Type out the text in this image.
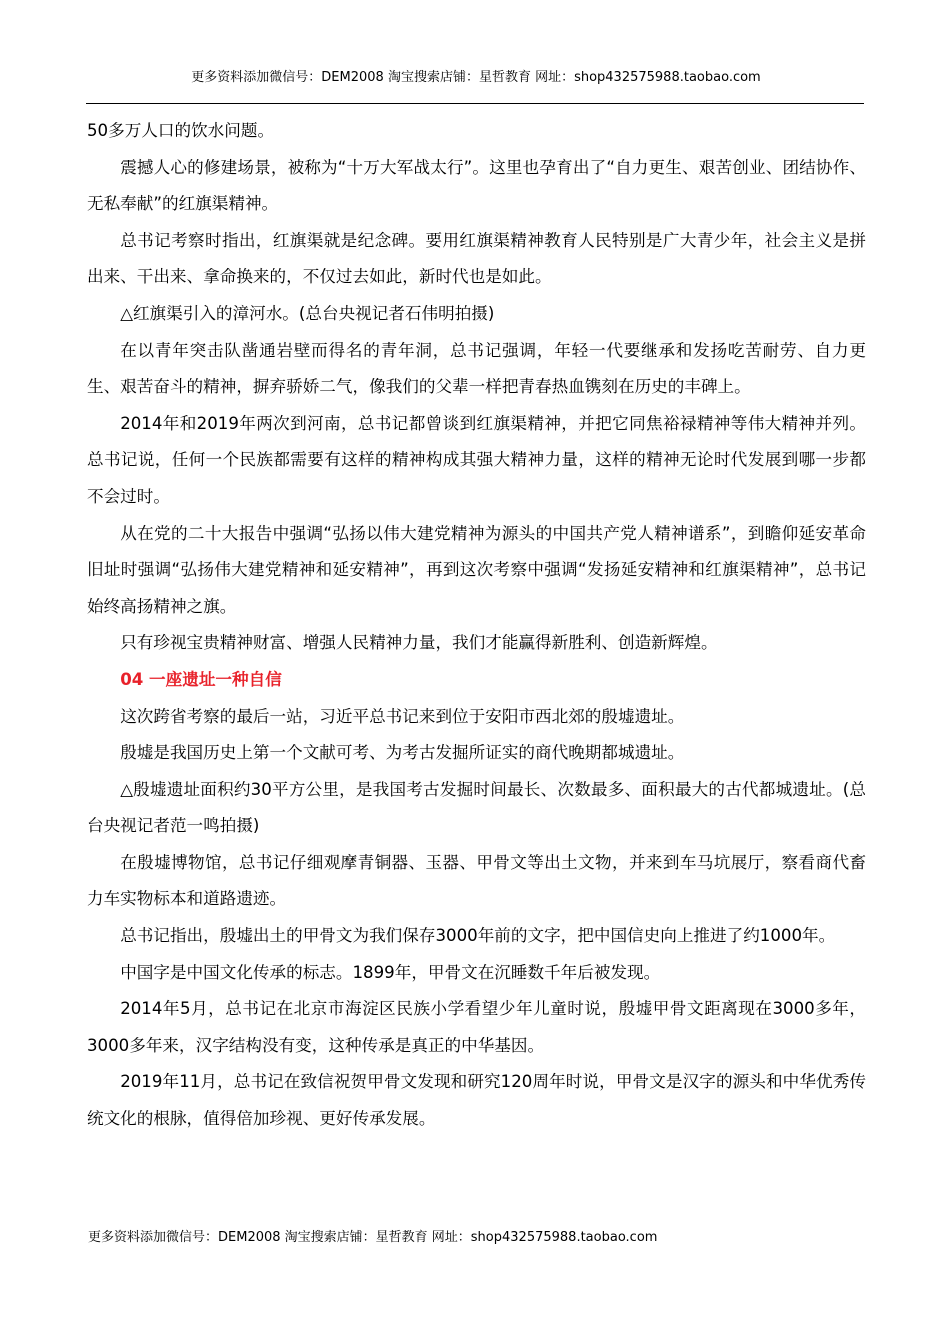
更多资料添加微信号：DEM2008 淘宝搜索店铺：星哲教育 网址：shop432575988.taobao.com

50多万人口的饮水问题。

震撼人心的修建场景，被称为“十万大军战太行”。这里也孕育出了“自力更生、艰苦创业、团结协作、无私奉献”的红旗渠精神。

总书记考察时指出，红旗渠就是纪念碑。要用红旗渠精神教育人民特别是广大青少年，社会主义是拼出来、干出来、拿命换来的，不仅过去如此，新时代也是如此。

△红旗渠引入的漳河水。(总台央视记者石伟明拍摄)

在以青年突击队凿通岩壁而得名的青年洞，总书记强调，年轻一代要继承和发扬吃苦耐劳、自力更生、艰苦奋斗的精神，摒弃骄娇二气，像我们的父辈一样把青春热血镌刻在历史的丰碑上。

2014年和2019年两次到河南，总书记都曾谈到红旗渠精神，并把它同焦裕禄精神等伟大精神并列。总书记说，任何一个民族都需要有这样的精神构成其强大精神力量，这样的精神无论时代发展到哪一步都不会过时。

从在党的二十大报告中强调“弘扬以伟大建党精神为源头的中国共产党人精神谱系”，到瞻仰延安革命旧址时强调“弘扬伟大建党精神和延安精神”，再到这次考察中强调“发扬延安精神和红旗渠精神”，总书记始终高扬精神之旗。

只有珍视宝贵精神财富、增强人民精神力量，我们才能赢得新胜利、创造新辉煌。

04 一座遗址一种自信

这次跨省考察的最后一站，习近平总书记来到位于安阳市西北郊的殷墟遗址。

殷墟是我国历史上第一个文献可考、为考古发掘所证实的商代晚期都城遗址。

△殷墟遗址面积约30平方公里，是我国考古发掘时间最长、次数最多、面积最大的古代都城遗址。(总台央视记者范一鸣拍摄)

在殷墟博物馆，总书记仔细观摩青铜器、玉器、甲骨文等出土文物，并来到车马坑展厅，察看商代畜力车实物标本和道路遗迹。

总书记指出，殷墟出土的甲骨文为我们保存3000年前的文字，把中国信史向上推进了约1000年。

中国字是中国文化传承的标志。1899年，甲骨文在沉睡数千年后被发现。

2014年5月，总书记在北京市海淀区民族小学看望少年儿童时说，殷墟甲骨文距离现在3000多年，3000多年来，汉字结构没有变，这种传承是真正的中华基因。

2019年11月，总书记在致信祝贺甲骨文发现和研究120周年时说，甲骨文是汉字的源头和中华优秀传统文化的根脉，值得倍加珍视、更好传承发展。

更多资料添加微信号：DEM2008 淘宝搜索店铺：星哲教育 网址：shop432575988.taobao.com
